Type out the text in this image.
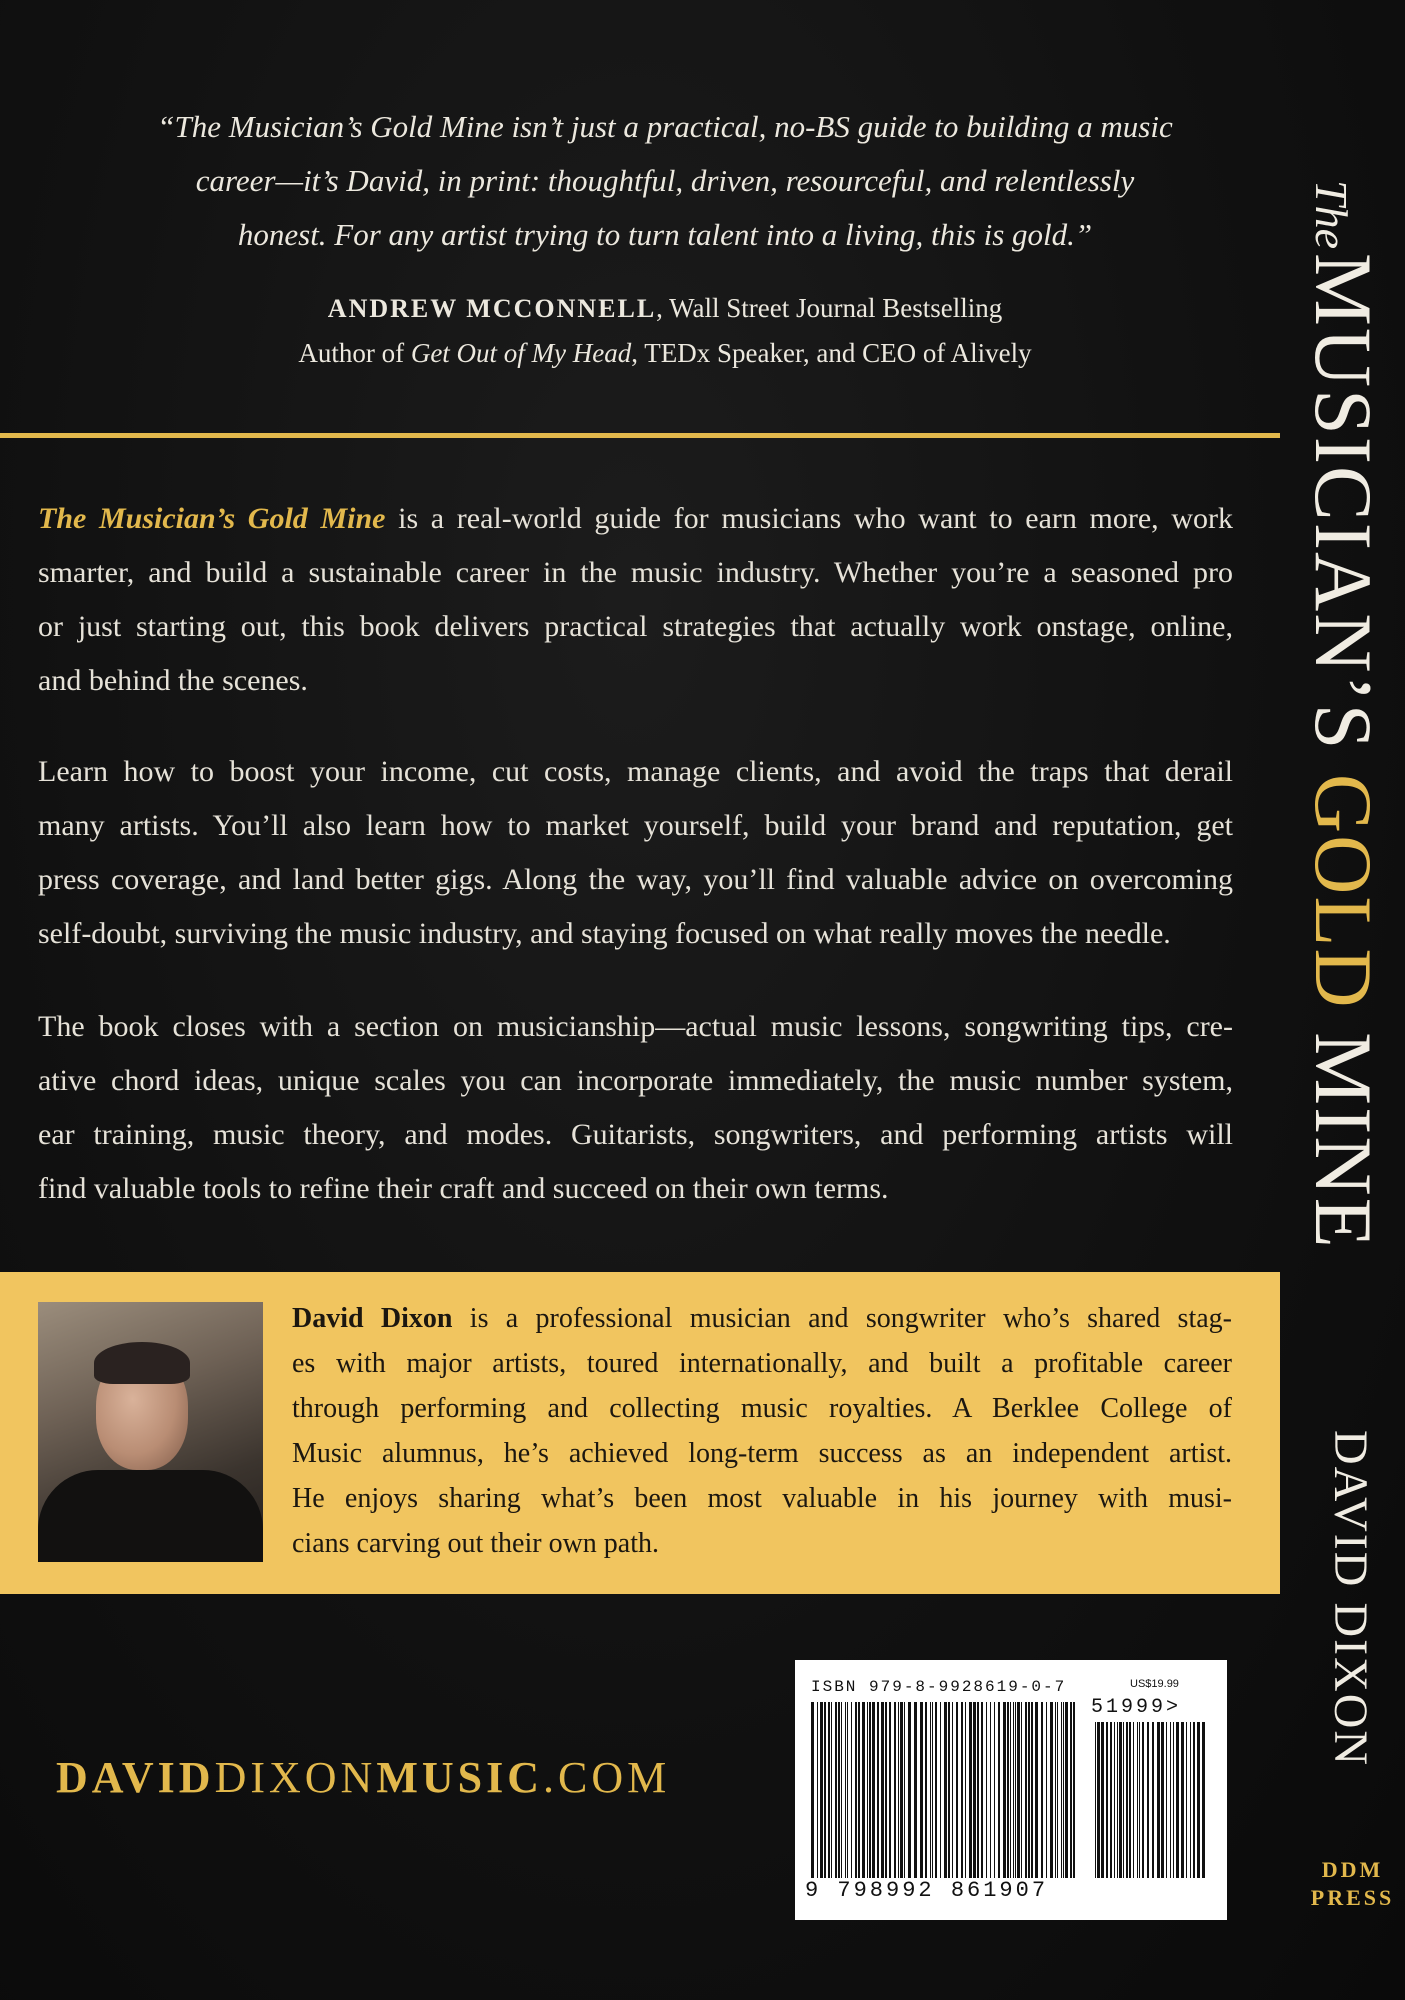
“The Musician’s Gold Mine isn’t just a practical, no-BS guide to building a music
career—it’s David, in print: thoughtful, driven, resourceful, and relentlessly
honest. For any artist trying to turn talent into a living, this is gold.”
ANDREW MCCONNELL, Wall Street Journal Bestselling
Author of Get Out of My Head, TEDx Speaker, and CEO of Alively
The Musician’s Gold Mine is a real-world guide for musicians who want to earn more, work
smarter, and build a sustainable career in the music industry. Whether you’re a seasoned pro
or just starting out, this book delivers practical strategies that actually work onstage, online,
and behind the scenes.
Learn how to boost your income, cut costs, manage clients, and avoid the traps that derail
many artists. You’ll also learn how to market yourself, build your brand and reputation, get
press coverage, and land better gigs. Along the way, you’ll find valuable advice on overcoming
self-doubt, surviving the music industry, and staying focused on what really moves the needle.
The book closes with a section on musicianship—actual music lessons, songwriting tips, cre-
ative chord ideas, unique scales you can incorporate immediately, the music number system,
ear training, music theory, and modes. Guitarists, songwriters, and performing artists will
find valuable tools to refine their craft and succeed on their own terms.
David Dixon is a professional musician and songwriter who’s shared stag-
es with major artists, toured internationally, and built a profitable career
through performing and collecting music royalties. A Berklee College of
Music alumnus, he’s achieved long-term success as an independent artist.
He enjoys sharing what’s been most valuable in his journey with musi-
cians carving out their own path.
DAVIDDIXONMUSIC.COM
ISBN 979-8-9928619-0-7	US$19.99
51999>
9 798992 861907
The MUSICIAN’S GOLD MINE
DAVID DIXON
DDM
PRESS
